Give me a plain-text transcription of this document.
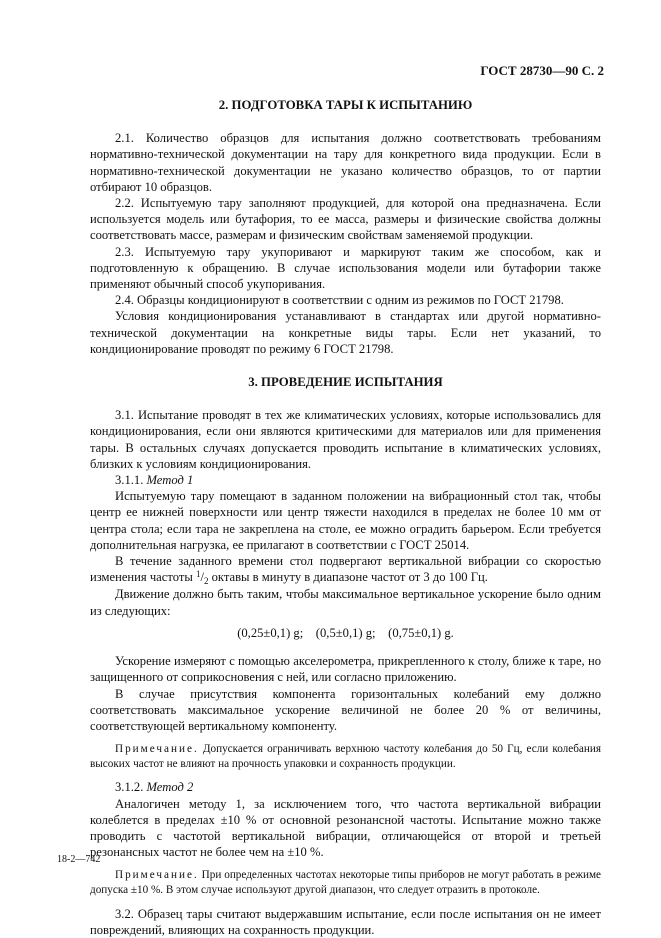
ГОСТ 28730—90 С. 2
2. ПОДГОТОВКА ТАРЫ К ИСПЫТАНИЮ

2.1. Количество образцов для испытания должно соответствовать требованиям нормативно-технической документации на тару для конкретного вида продукции. Если в нормативно-технической документации не указано количество образцов, то от партии отбирают 10 образцов.

2.2. Испытуемую тару заполняют продукцией, для которой она предназначена. Если используется модель или бутафория, то ее масса, размеры и физические свойства должны соответствовать массе, размерам и физическим свойствам заменяемой продукции.

2.3. Испытуемую тару укупоривают и маркируют таким же способом, как и подготовленную к обращению. В случае использования модели или бутафории также применяют обычный способ укупоривания.

2.4. Образцы кондиционируют в соответствии с одним из режимов по ГОСТ 21798.

Условия кондиционирования устанавливают в стандартах или другой нормативно-технической документации на конкретные виды тары. Если нет указаний, то кондиционирование проводят по режиму 6 ГОСТ 21798.

3. ПРОВЕДЕНИЕ ИСПЫТАНИЯ

3.1. Испытание проводят в тех же климатических условиях, которые использовались для кондиционирования, если они являются критическими для материалов или для применения тары. В остальных случаях допускается проводить испытание в климатических условиях, близких к условиям кондиционирования.

3.1.1. Метод 1

Испытуемую тару помещают в заданном положении на вибрационный стол так, чтобы центр ее нижней поверхности или центр тяжести находился в пределах не более 10 мм от центра стола; если тара не закреплена на столе, ее можно оградить барьером. Если требуется дополнительная нагрузка, ее прилагают в соответствии с ГОСТ 25014.

В течение заданного времени стол подвергают вертикальной вибрации со скоростью изменения частоты $^1/_2$ октавы в минуту в диапазоне частот от 3 до 100 Гц.

Движение должно быть таким, чтобы максимальное вертикальное ускорение было одним из следующих:

(0,25±0,1) g;    (0,5±0,1) g;    (0,75±0,1) g.

Ускорение измеряют с помощью акселерометра, прикрепленного к столу, ближе к таре, но защищенного от соприкосновения с ней, или согласно приложению.

В случае присутствия компонента горизонтальных колебаний ему должно соответствовать максимальное ускорение величиной не более 20 % от величины, соответствующей вертикальному компоненту.

Примечание. Допускается ограничивать верхнюю частоту колебания до 50 Гц, если колебания высоких частот не влияют на прочность упаковки и сохранность продукции.

3.1.2. Метод 2

Аналогичен методу 1, за исключением того, что частота вертикальной вибрации колеблется в пределах ±10 % от основной резонансной частоты. Испытание можно также проводить с частотой вертикальной вибрации, отличающейся от второй и третьей резонансных частот не более чем на ±10 %.

Примечание. При определенных частотах некоторые типы приборов не могут работать в режиме допуска ±10 %. В этом случае используют другой диапазон, что следует отразить в протоколе.

3.2. Образец тары считают выдержавшим испытание, если после испытания он не имеет повреждений, влияющих на сохранность продукции.

18-2—742
